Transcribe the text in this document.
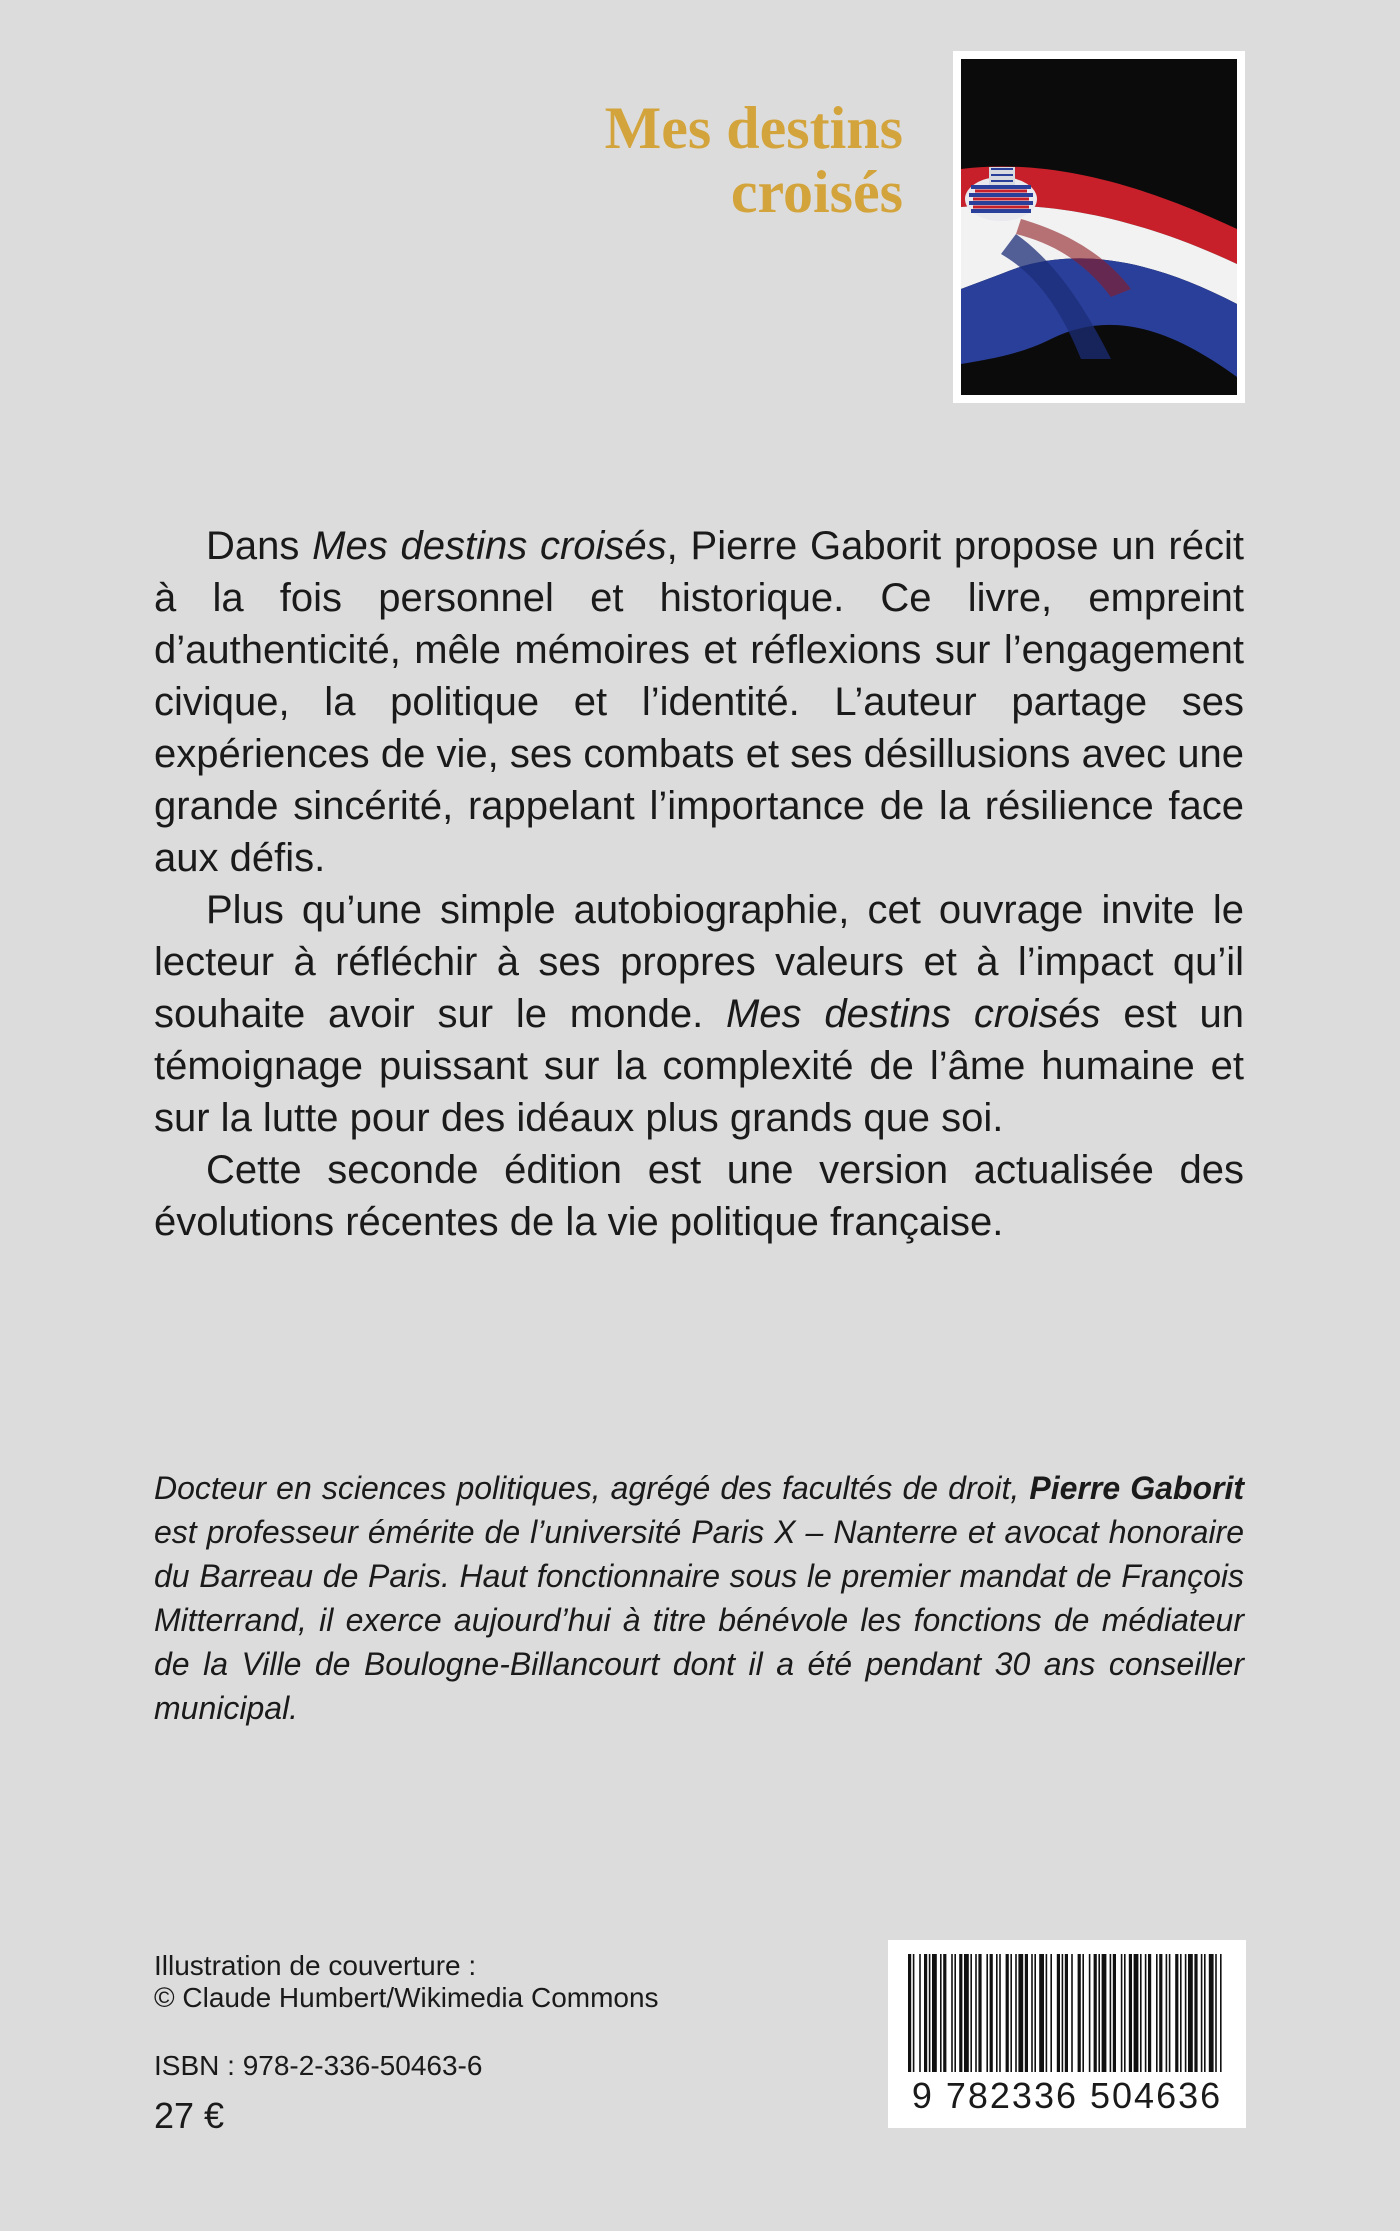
Mes destins
croisés

Dans Mes destins croisés, Pierre Gaborit propose un récit à la fois personnel et historique. Ce livre, empreint d’authenticité, mêle mémoires et réflexions sur l’engagement civique, la politique et l’identité. L’auteur partage ses expériences de vie, ses combats et ses désillusions avec une grande sincérité, rappelant l’importance de la résilience face aux défis.

Plus qu’une simple autobiographie, cet ouvrage invite le lecteur à réfléchir à ses propres valeurs et à l’impact qu’il souhaite avoir sur le monde. Mes destins croisés est un témoignage puissant sur la complexité de l’âme humaine et sur la lutte pour des idéaux plus grands que soi.

Cette seconde édition est une version actualisée des évolutions récentes de la vie politique française.

Docteur en sciences politiques, agrégé des facultés de droit, Pierre Gaborit est professeur émérite de l’université Paris X – Nanterre et avocat honoraire du Barreau de Paris. Haut fonctionnaire sous le premier mandat de François Mitterrand, il exerce aujourd’hui à titre bénévole les fonctions de médiateur de la Ville de Boulogne-Billancourt dont il a été pendant 30 ans conseiller municipal.
Illustration de couverture :
© Claude Humbert/Wikimedia Commons
ISBN : 978-2-336-50463-6
27 €	9 782336 504636
